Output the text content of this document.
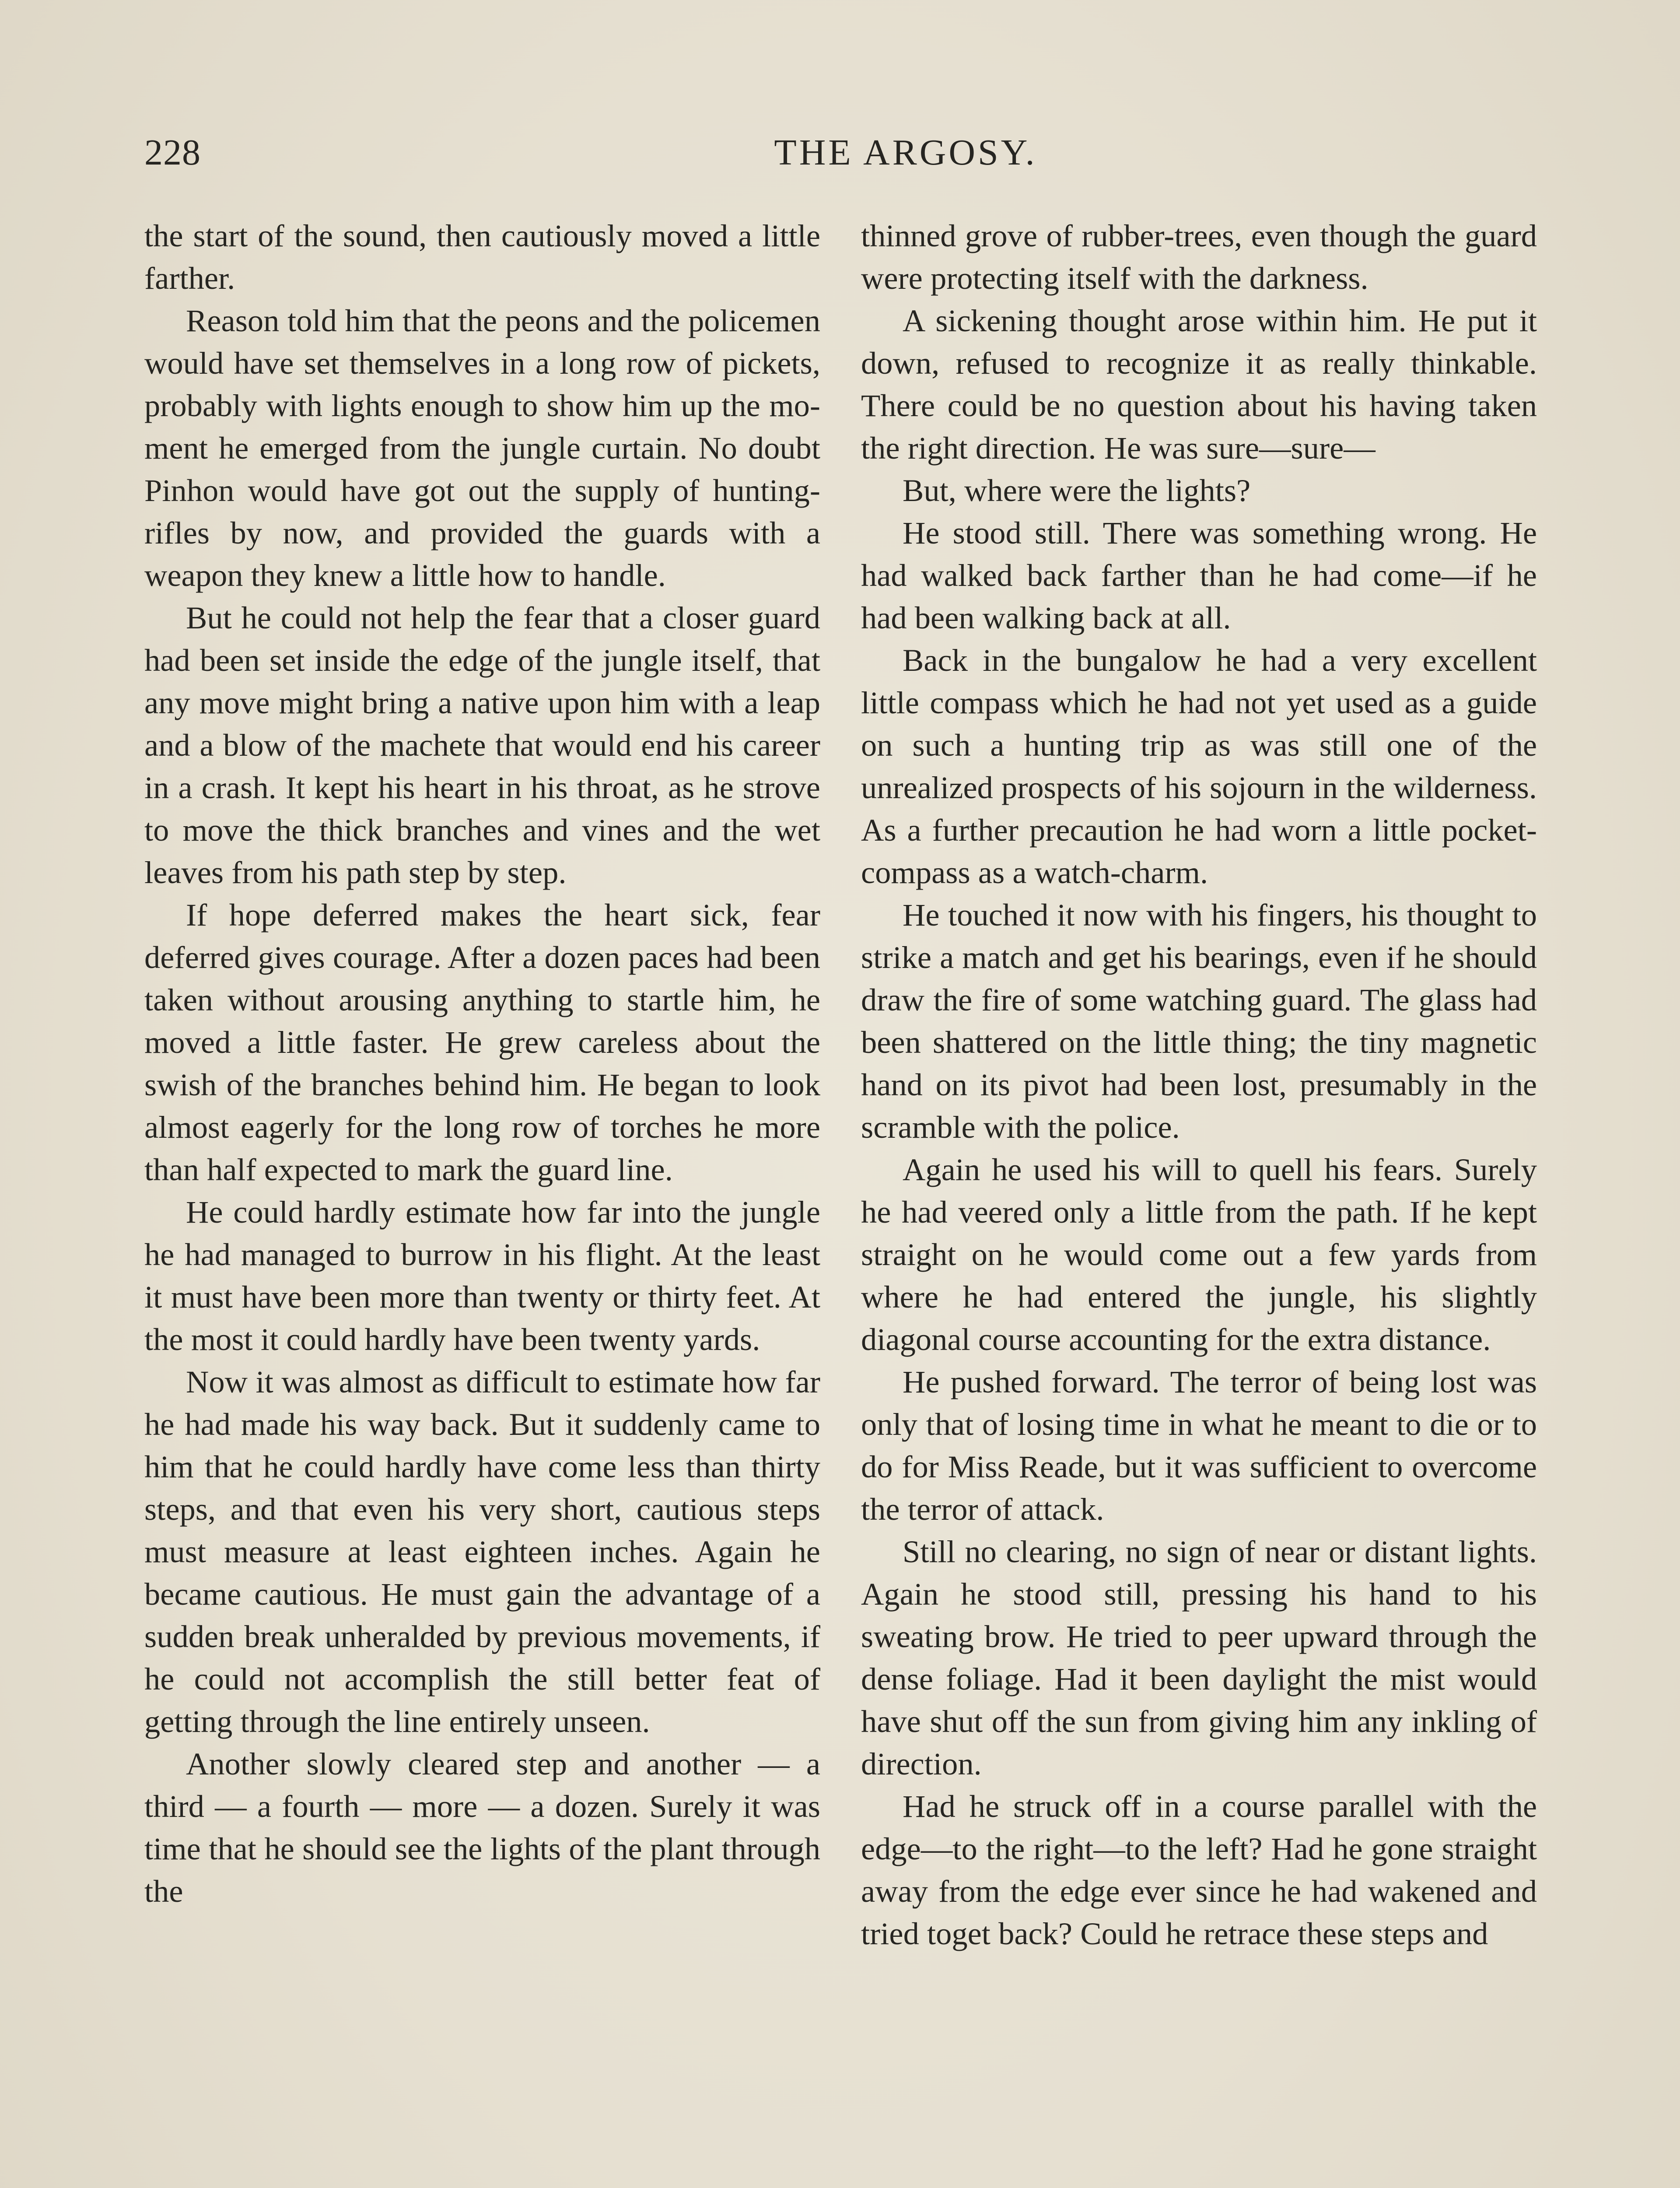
228	THE ARGOSY.

the start of the sound, then cautiously moved a little farther.

Reason told him that the peons and the policemen would have set themselves in a long row of pickets, probably with lights enough to show him up the moment he emerged from the jungle curtain. No doubt Pinhon would have got out the supply of hunting-rifles by now, and provided the guards with a weapon they knew a little how to handle.

But he could not help the fear that a closer guard had been set inside the edge of the jungle itself, that any move might bring a native upon him with a leap and a blow of the machete that would end his career in a crash. It kept his heart in his throat, as he strove to move the thick branches and vines and the wet leaves from his path step by step.

If hope deferred makes the heart sick, fear deferred gives courage. After a dozen paces had been taken without arousing anything to startle him, he moved a little faster. He grew careless about the swish of the branches behind him. He began to look almost eagerly for the long row of torches he more than half expected to mark the guard line.

He could hardly estimate how far into the jungle he had managed to burrow in his flight. At the least it must have been more than twenty or thirty feet. At the most it could hardly have been twenty yards.

Now it was almost as difficult to estimate how far he had made his way back. But it suddenly came to him that he could hardly have come less than thirty steps, and that even his very short, cautious steps must measure at least eighteen inches. Again he became cautious. He must gain the advantage of a sudden break unheralded by previous movements, if he could not accomplish the still better feat of getting through the line entirely unseen.

Another slowly cleared step and another — a third — a fourth — more — a dozen. Surely it was time that he should see the lights of the plant through the

thinned grove of rubber-trees, even though the guard were protecting itself with the darkness.

A sickening thought arose within him. He put it down, refused to recognize it as really thinkable. There could be no question about his having taken the right direction. He was sure—sure—

But, where were the lights?

He stood still. There was something wrong. He had walked back farther than he had come—if he had been walking back at all.

Back in the bungalow he had a very excellent little compass which he had not yet used as a guide on such a hunting trip as was still one of the unrealized prospects of his sojourn in the wilderness. As a further precaution he had worn a little pocket-compass as a watch-charm.

He touched it now with his fingers, his thought to strike a match and get his bearings, even if he should draw the fire of some watching guard. The glass had been shattered on the little thing; the tiny magnetic hand on its pivot had been lost, presumably in the scramble with the police.

Again he used his will to quell his fears. Surely he had veered only a little from the path. If he kept straight on he would come out a few yards from where he had entered the jungle, his slightly diagonal course accounting for the extra distance.

He pushed forward. The terror of being lost was only that of losing time in what he meant to die or to do for Miss Reade, but it was sufficient to overcome the terror of attack.

Still no clearing, no sign of near or distant lights. Again he stood still, pressing his hand to his sweating brow. He tried to peer upward through the dense foliage. Had it been daylight the mist would have shut off the sun from giving him any inkling of direction.

Had he struck off in a course parallel with the edge—to the right—to the left? Had he gone straight away from the edge ever since he had wakened and tried toget back? Could he retrace these steps and
